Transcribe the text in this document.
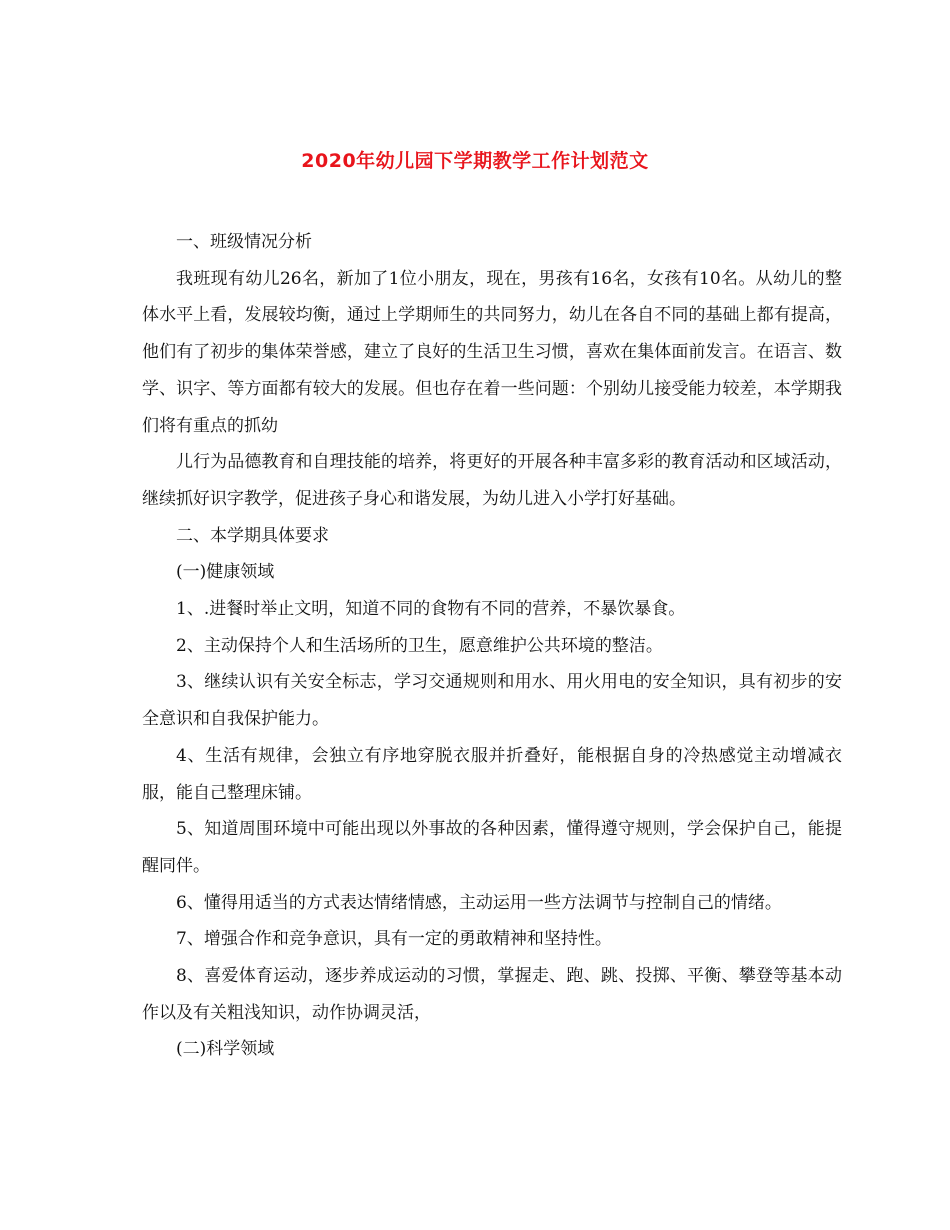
2020年幼儿园下学期教学工作计划范文

一、班级情况分析

我班现有幼儿26名，新加了1位小朋友，现在，男孩有16名，女孩有10名。从幼儿的整体水平上看，发展较均衡，通过上学期师生的共同努力，幼儿在各自不同的基础上都有提高，他们有了初步的集体荣誉感，建立了良好的生活卫生习惯，喜欢在集体面前发言。在语言、数学、识字、等方面都有较大的发展。但也存在着一些问题：个别幼儿接受能力较差，本学期我们将有重点的抓幼

儿行为品德教育和自理技能的培养，将更好的开展各种丰富多彩的教育活动和区域活动，继续抓好识字教学，促进孩子身心和谐发展，为幼儿进入小学打好基础。

二、本学期具体要求

(一)健康领域

1、.进餐时举止文明，知道不同的食物有不同的营养，不暴饮暴食。

2、主动保持个人和生活场所的卫生，愿意维护公共环境的整洁。

3、继续认识有关安全标志，学习交通规则和用水、用火用电的安全知识，具有初步的安全意识和自我保护能力。

4、生活有规律，会独立有序地穿脱衣服并折叠好，能根据自身的冷热感觉主动增减衣服，能自己整理床铺。

5、知道周围环境中可能出现以外事故的各种因素，懂得遵守规则，学会保护自己，能提醒同伴。

6、懂得用适当的方式表达情绪情感，主动运用一些方法调节与控制自己的情绪。

7、增强合作和竞争意识，具有一定的勇敢精神和坚持性。

8、喜爱体育运动，逐步养成运动的习惯，掌握走、跑、跳、投掷、平衡、攀登等基本动作以及有关粗浅知识，动作协调灵活，

(二)科学领域
